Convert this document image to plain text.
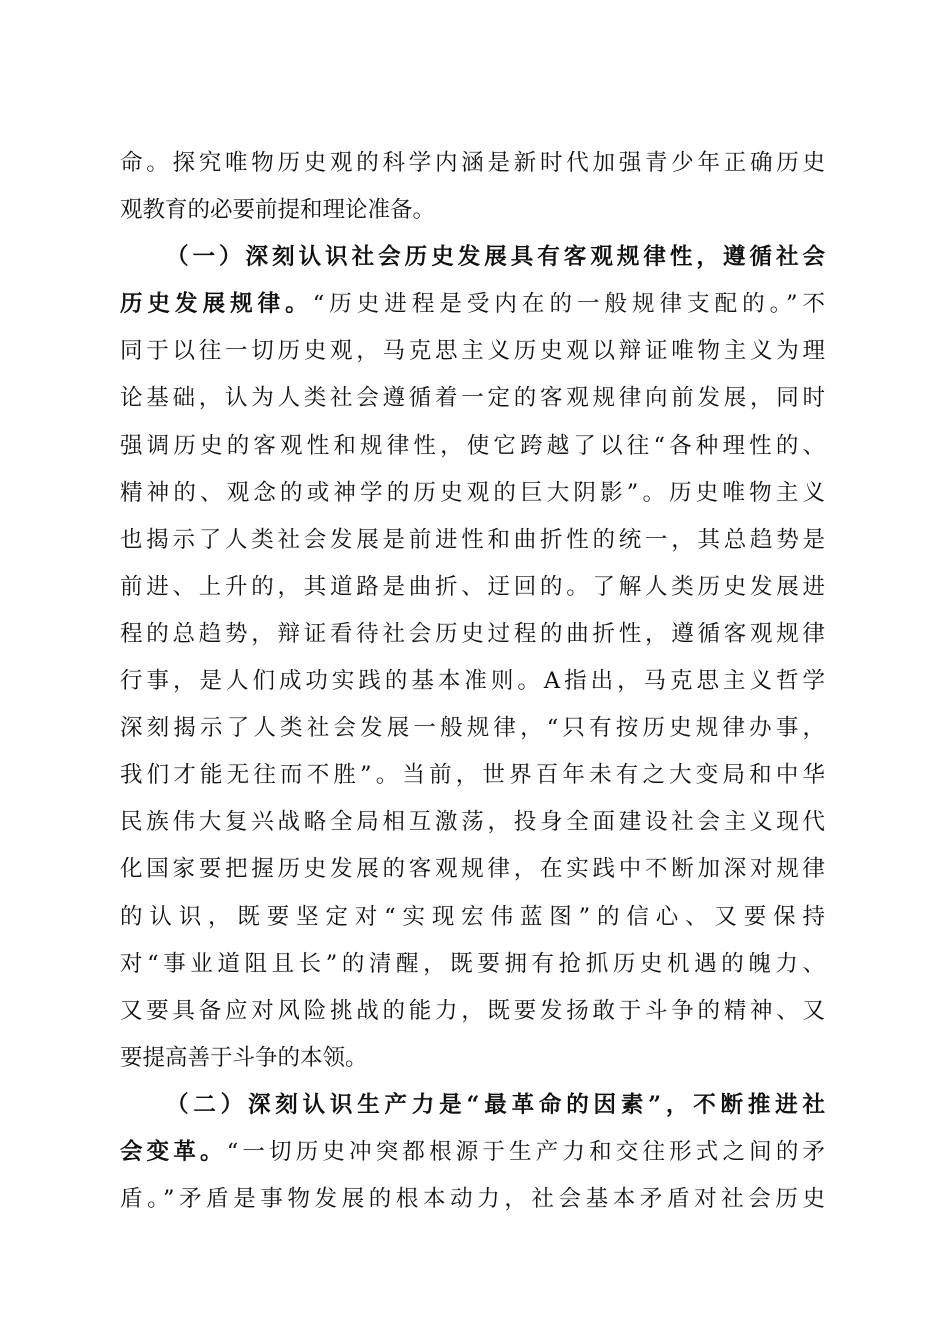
命。探究唯物历史观的科学内涵是新时代加强青少年正确历史
观教育的必要前提和理论准备。
（一）深刻认识社会历史发展具有客观规律性，遵循社会
历史发展规律。“历史进程是受内在的一般规律支配的。”不
同于以往一切历史观，马克思主义历史观以辩证唯物主义为理
论基础，认为人类社会遵循着一定的客观规律向前发展，同时
强调历史的客观性和规律性，使它跨越了以往“各种理性的、
精神的、观念的或神学的历史观的巨大阴影”。历史唯物主义
也揭示了人类社会发展是前进性和曲折性的统一，其总趋势是
前进、上升的，其道路是曲折、迂回的。了解人类历史发展进
程的总趋势，辩证看待社会历史过程的曲折性，遵循客观规律
行事，是人们成功实践的基本准则。A指出，马克思主义哲学
深刻揭示了人类社会发展一般规律，“只有按历史规律办事，
我们才能无往而不胜”。当前，世界百年未有之大变局和中华
民族伟大复兴战略全局相互激荡，投身全面建设社会主义现代
化国家要把握历史发展的客观规律，在实践中不断加深对规律
的认识，既要坚定对“实现宏伟蓝图”的信心、又要保持
对“事业道阻且长”的清醒，既要拥有抢抓历史机遇的魄力、
又要具备应对风险挑战的能力，既要发扬敢于斗争的精神、又
要提高善于斗争的本领。
（二）深刻认识生产力是“最革命的因素”，不断推进社
会变革。“一切历史冲突都根源于生产力和交往形式之间的矛
盾。”矛盾是事物发展的根本动力，社会基本矛盾对社会历史
